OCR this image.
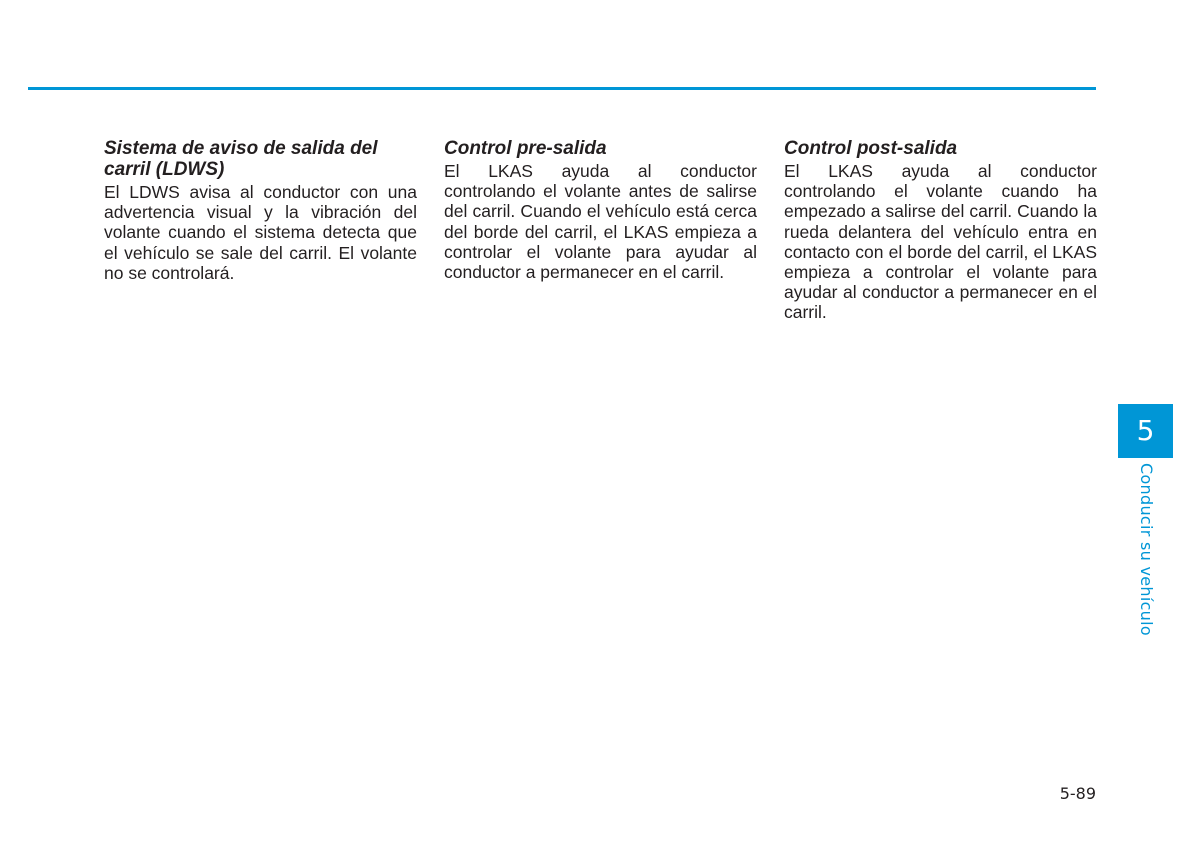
Sistema de aviso de salida del carril (LDWS)

El LDWS avisa al conductor con una advertencia visual y la vibración del volante cuando el sistema detecta que el vehículo se sale del carril. El volante no se controlará.

Control pre-salida

El LKAS ayuda al conductor controlando el volante antes de salirse del carril. Cuando el vehículo está cerca del borde del carril, el LKAS empieza a controlar el volante para ayudar al conductor a permanecer en el carril.

Control post-salida

El LKAS ayuda al conductor controlando el volante cuando ha empezado a salirse del carril. Cuando la rueda delantera del vehículo entra en contacto con el borde del carril, el LKAS empieza a controlar el volante para ayudar al conductor a permanecer en el carril.

5
Conducir su vehículo
5-89
